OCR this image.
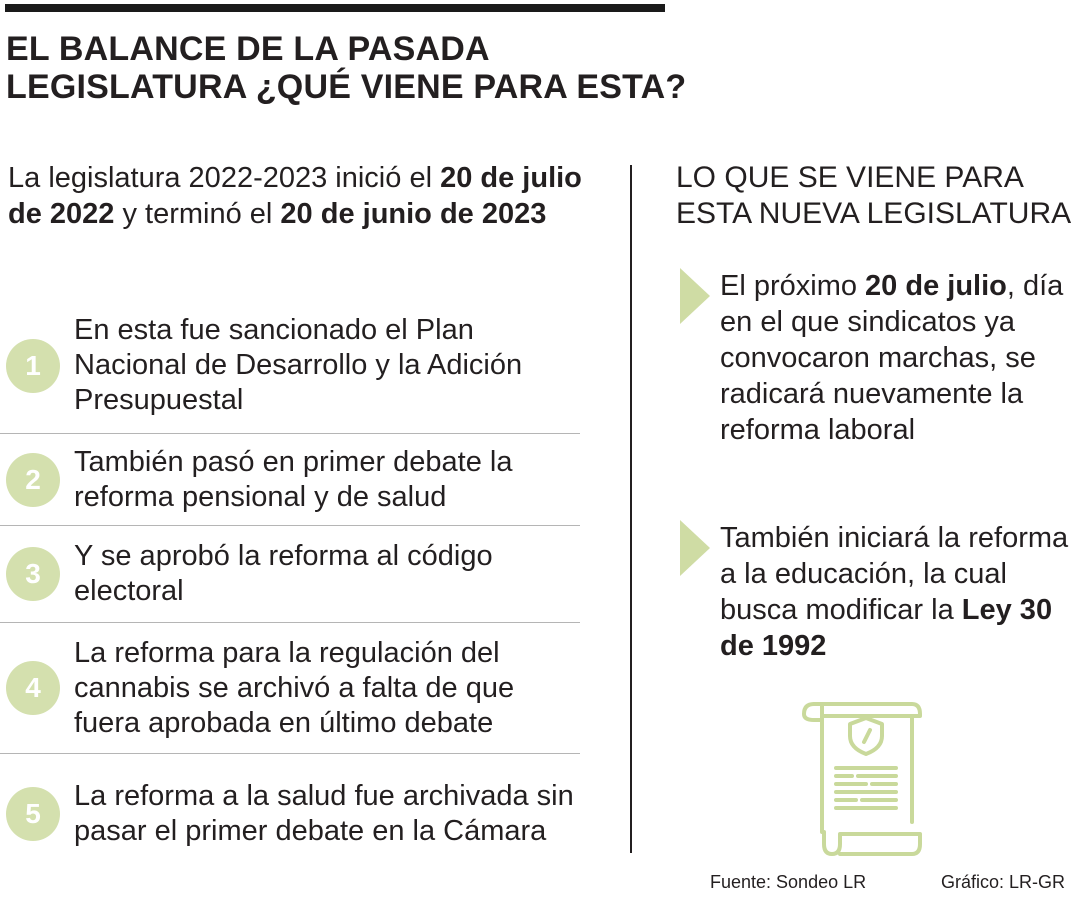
EL BALANCE DE LA PASADA LEGISLATURA ¿QUÉ VIENE PARA ESTA?
La legislatura 2022-2023 inició el 20 de julio de 2022 y terminó el 20 de junio de 2023
1
En esta fue sancionado el Plan Nacional de Desarrollo y la Adición Presupuestal
2
También pasó en primer debate la reforma pensional y de salud
3
Y se aprobó la reforma al código electoral
4
La reforma para la regulación del cannabis se archivó a falta de que fuera aprobada en último debate
5
La reforma a la salud fue archivada sin pasar el primer debate en la Cámara
LO QUE SE VIENE PARA ESTA NUEVA LEGISLATURA
El próximo 20 de julio, día en el que sindicatos ya convocaron marchas, se radicará nuevamente la reforma laboral
También iniciará la reforma a la educación, la cual busca modificar la Ley 30 de 1992
Fuente: Sondeo LR	Gráfico: LR-GR
